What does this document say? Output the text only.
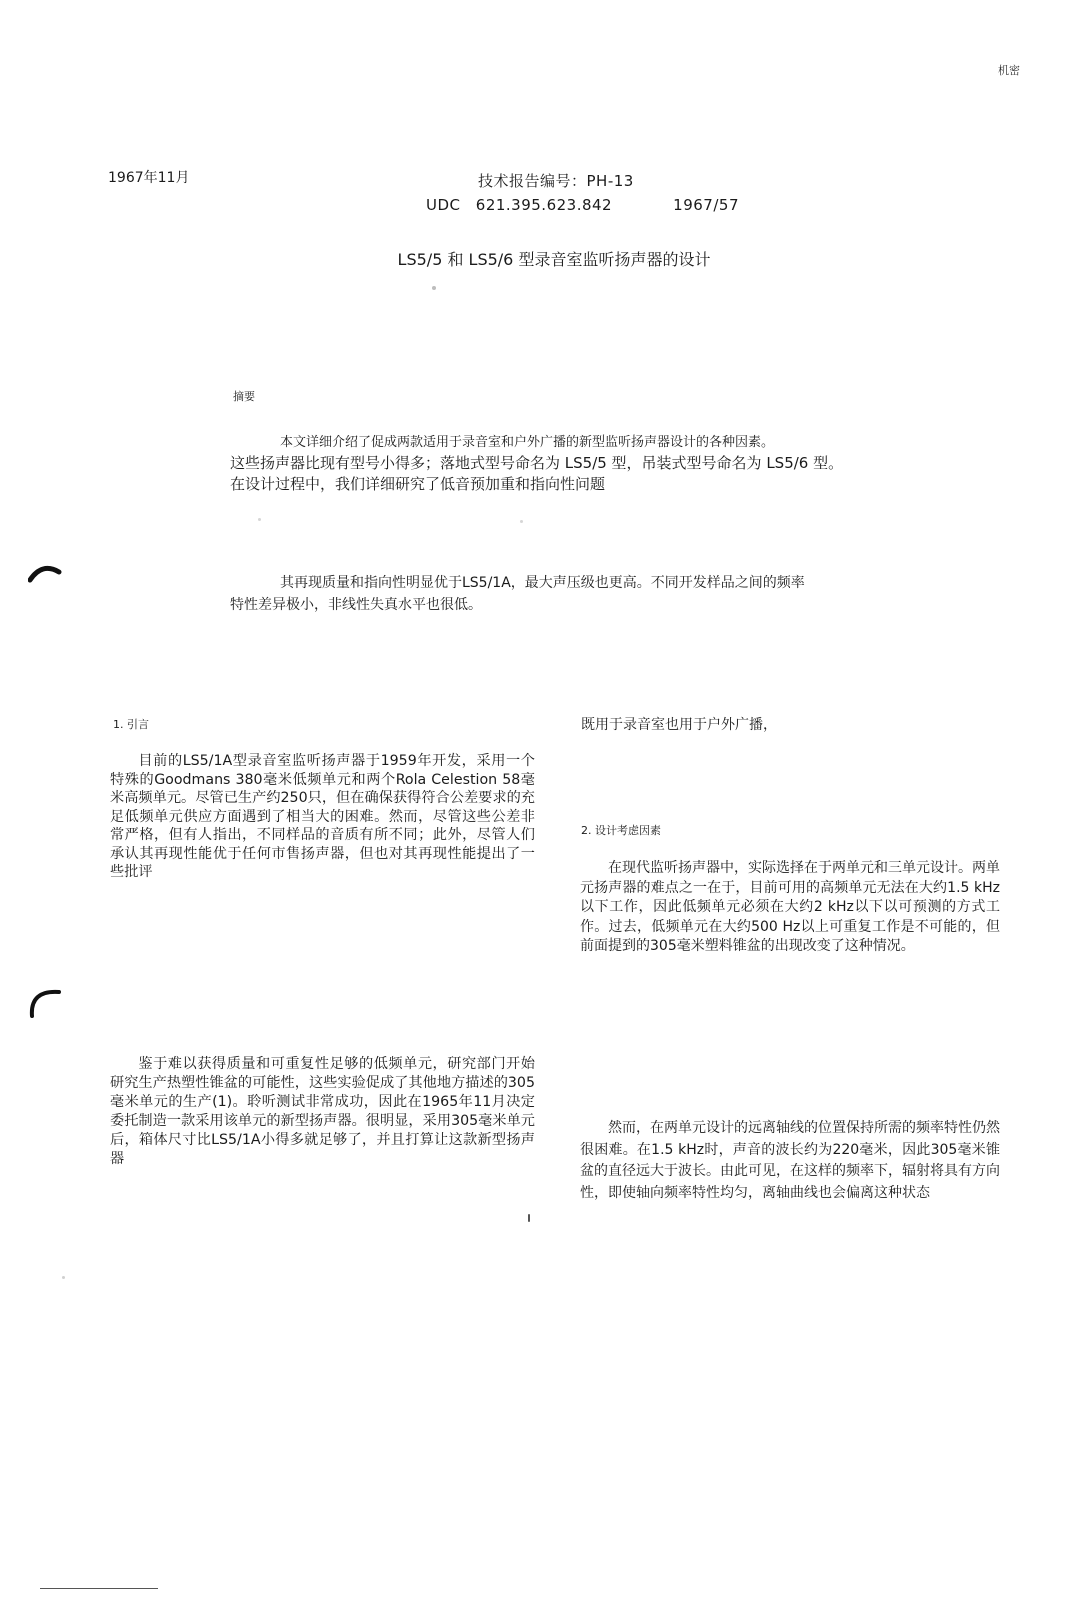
机密
1967年11月	技术报告编号：PH-13
UDC 621.395.623.842    1967/57
LS5/5 和 LS5/6 型录音室监听扬声器的设计
摘要
本文详细介绍了促成两款适用于录音室和户外广播的新型监听扬声器设计的各种因素。
这些扬声器比现有型号小得多；落地式型号命名为 LS5/5 型，吊装式型号命名为 LS5/6 型。在设计过程中，我们详细研究了低音预加重和指向性问题
其再现质量和指向性明显优于LS5/1A，最大声压级也更高。不同开发样品之间的频率
特性差异极小，非线性失真水平也很低。
1. 引言
目前的LS5/1A型录音室监听扬声器于1959年开发，采用一个特殊的Goodmans 380毫米低频单元和两个Rola Celestion 58毫米高频单元。尽管已生产约250只，但在确保获得符合公差要求的充足低频单元供应方面遇到了相当大的困难。然而，尽管这些公差非常严格，但有人指出，不同样品的音质有所不同；此外，尽管人们承认其再现性能优于任何市售扬声器，但也对其再现性能提出了一些批评
鉴于难以获得质量和可重复性足够的低频单元，研究部门开始研究生产热塑性锥盆的可能性，这些实验促成了其他地方描述的305毫米单元的生产(1)。聆听测试非常成功，因此在1965年11月决定委托制造一款采用该单元的新型扬声器。很明显，采用305毫米单元后，箱体尺寸比LS5/1A小得多就足够了，并且打算让这款新型扬声器
既用于录音室也用于户外广播，
2. 设计考虑因素
在现代监听扬声器中，实际选择在于两单元和三单元设计。两单元扬声器的难点之一在于，目前可用的高频单元无法在大约1.5 kHz以下工作，因此低频单元必须在大约2 kHz以下以可预测的方式工作。过去，低频单元在大约500 Hz以上可重复工作是不可能的，但前面提到的305毫米塑料锥盆的出现改变了这种情况。
然而，在两单元设计的远离轴线的位置保持所需的频率特性仍然很困难。在1.5 kHz时，声音的波长约为220毫米，因此305毫米锥盆的直径远大于波长。由此可见，在这样的频率下，辐射将具有方向性，即使轴向频率特性均匀，离轴曲线也会偏离这种状态
